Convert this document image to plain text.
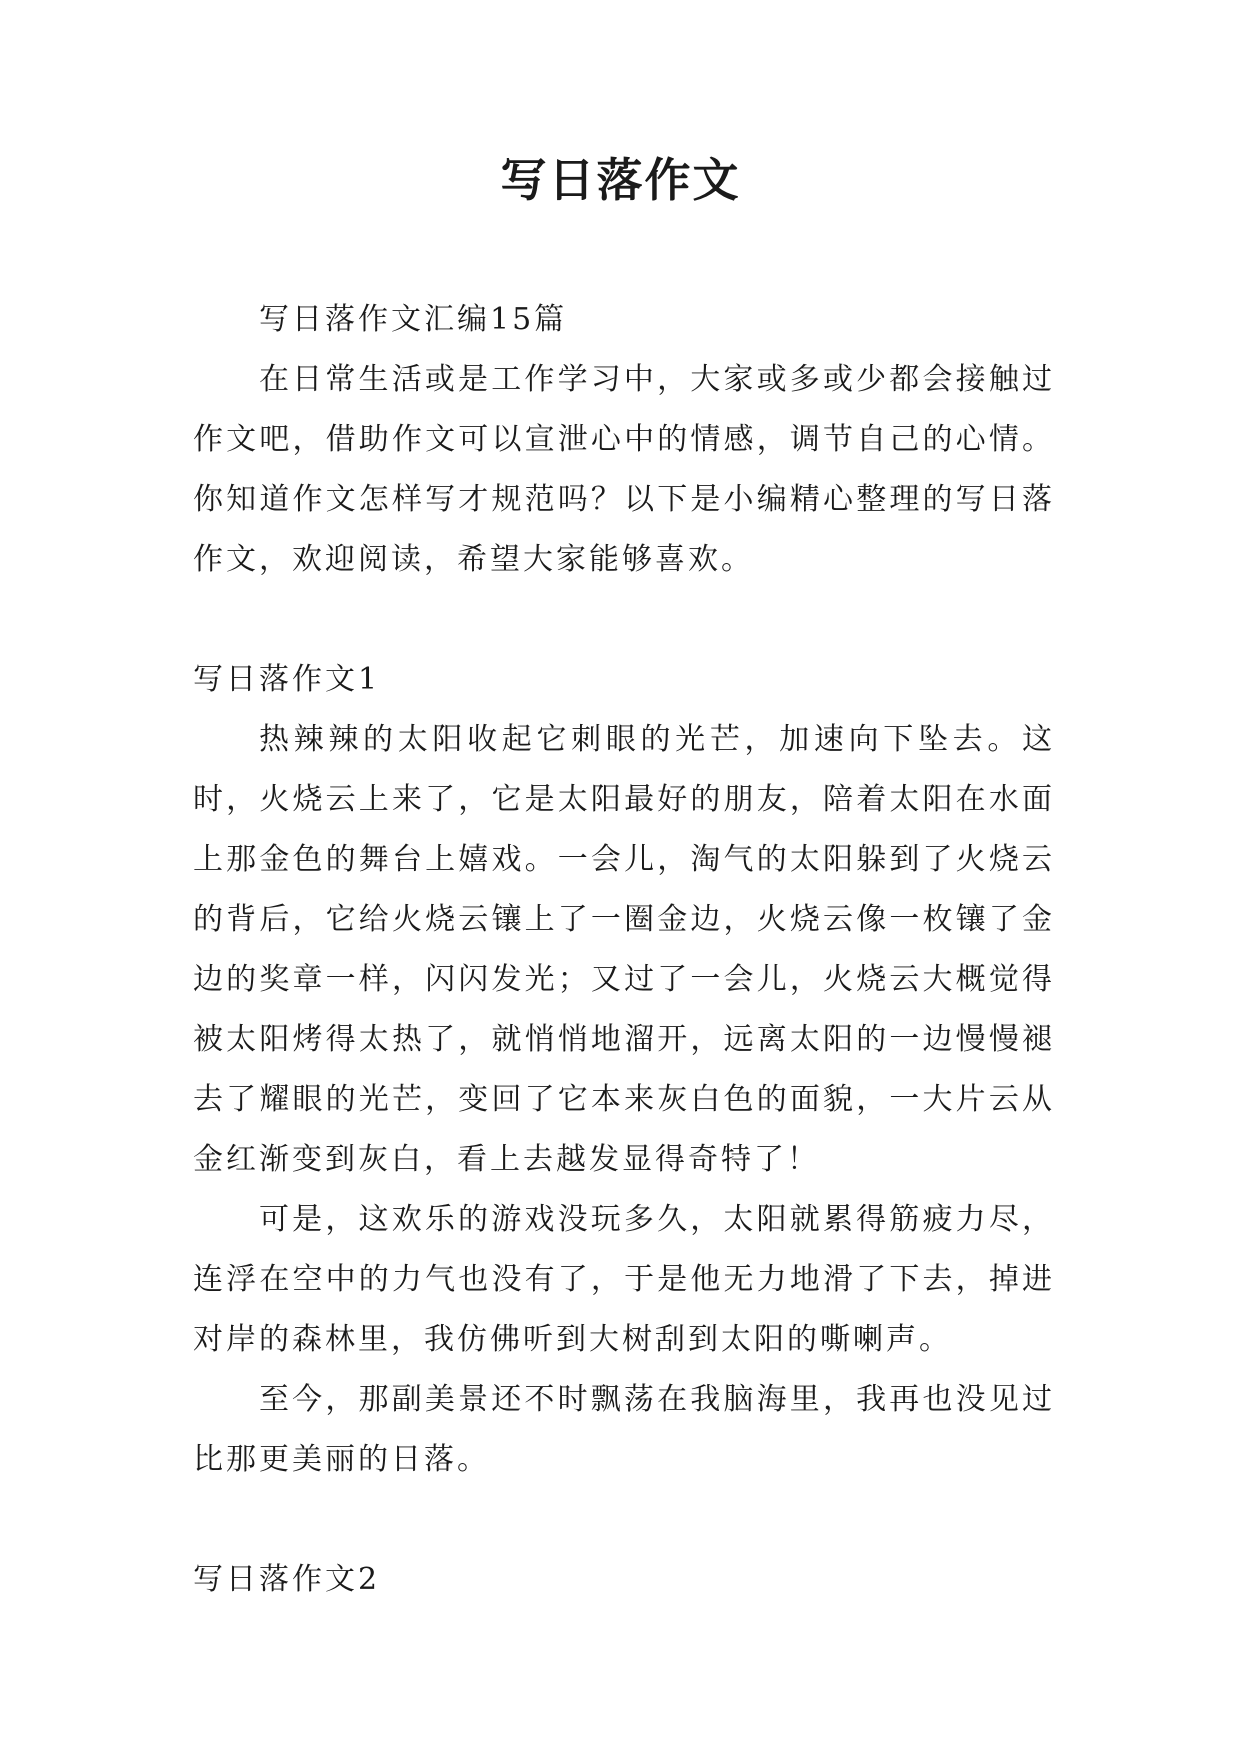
写日落作文

写日落作文汇编15篇

在日常生活或是工作学习中，大家或多或少都会接触过作文吧，借助作文可以宣泄心中的情感，调节自己的心情。你知道作文怎样写才规范吗？以下是小编精心整理的写日落作文，欢迎阅读，希望大家能够喜欢。

写日落作文1

热辣辣的太阳收起它刺眼的光芒，加速向下坠去。这时，火烧云上来了，它是太阳最好的朋友，陪着太阳在水面上那金色的舞台上嬉戏。一会儿，淘气的太阳躲到了火烧云的背后，它给火烧云镶上了一圈金边，火烧云像一枚镶了金边的奖章一样，闪闪发光；又过了一会儿，火烧云大概觉得被太阳烤得太热了，就悄悄地溜开，远离太阳的一边慢慢褪去了耀眼的光芒，变回了它本来灰白色的面貌，一大片云从金红渐变到灰白，看上去越发显得奇特了！

可是，这欢乐的游戏没玩多久，太阳就累得筋疲力尽，连浮在空中的力气也没有了，于是他无力地滑了下去，掉进对岸的森林里，我仿佛听到大树刮到太阳的嘶喇声。

至今，那副美景还不时飘荡在我脑海里，我再也没见过比那更美丽的日落。

写日落作文2
